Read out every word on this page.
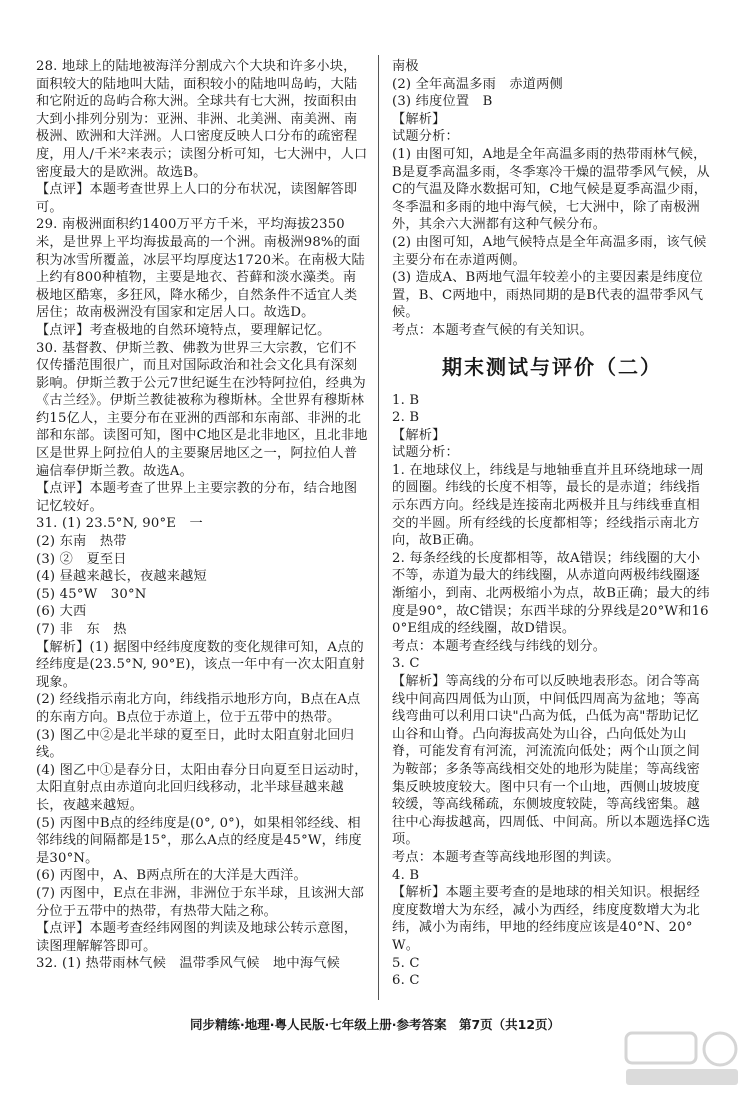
28. 地球上的陆地被海洋分割成六个大块和许多小块，面积较大的陆地叫大陆，面积较小的陆地叫岛屿，大陆和它附近的岛屿合称大洲。全球共有七大洲，按面积由大到小排列分别为：亚洲、非洲、北美洲、南美洲、南极洲、欧洲和大洋洲。人口密度反映人口分布的疏密程度，用人/千米²来表示；读图分析可知，七大洲中，人口密度最大的是欧洲。故选B。

【点评】本题考查世界上人口的分布状况，读图解答即可。

29. 南极洲面积约1400万平方千米，平均海拔2350米，是世界上平均海拔最高的一个洲。南极洲98%的面积为冰雪所覆盖，冰层平均厚度达1720米。在南极大陆上约有800种植物，主要是地衣、苔藓和淡水藻类。南极地区酷寒，多狂风，降水稀少，自然条件不适宜人类居住；故南极洲没有国家和定居人口。故选D。

【点评】考查极地的自然环境特点，要理解记忆。

30. 基督教、伊斯兰教、佛教为世界三大宗教，它们不仅传播范围很广，而且对国际政治和社会文化具有深刻影响。伊斯兰教于公元7世纪诞生在沙特阿拉伯，经典为《古兰经》。伊斯兰教徒被称为穆斯林。全世界有穆斯林约15亿人，主要分布在亚洲的西部和东南部、非洲的北部和东部。读图可知，图中C地区是北非地区，且北非地区是世界上阿拉伯人的主要聚居地区之一，阿拉伯人普遍信奉伊斯兰教。故选A。

【点评】本题考查了世界上主要宗教的分布，结合地图记忆较好。

31. (1) 23.5°N, 90°E　一

(2) 东南　热带

(3) ②　夏至日

(4) 昼越来越长，夜越来越短

(5) 45°W　30°N

(6) 大西

(7) 非　东　热

【解析】(1) 据图中经纬度度数的变化规律可知，A点的经纬度是(23.5°N, 90°E)，该点一年中有一次太阳直射现象。

(2) 经线指示南北方向，纬线指示地形方向，B点在A点的东南方向。B点位于赤道上，位于五带中的热带。

(3) 图乙中②是北半球的夏至日，此时太阳直射北回归线。

(4) 图乙中①是春分日，太阳由春分日向夏至日运动时，太阳直射点由赤道向北回归线移动，北半球昼越来越长，夜越来越短。

(5) 丙图中B点的经纬度是(0°, 0°)，如果相邻经线、相邻纬线的间隔都是15°，那么A点的经度是45°W，纬度是30°N。

(6) 丙图中，A、B两点所在的大洋是大西洋。

(7) 丙图中，E点在非洲，非洲位于东半球，且该洲大部分位于五带中的热带，有热带大陆之称。

【点评】本题考查经纬网图的判读及地球公转示意图，读图理解解答即可。

32. (1) 热带雨林气候　温带季风气候　地中海气候

南极

(2) 全年高温多雨　赤道两侧

(3) 纬度位置　B

【解析】

试题分析：

(1) 由图可知，A地是全年高温多雨的热带雨林气候，B是夏季高温多雨，冬季寒冷干燥的温带季风气候，从C的气温及降水数据可知，C地气候是夏季高温少雨，冬季温和多雨的地中海气候，七大洲中，除了南极洲外，其余六大洲都有这种气候分布。

(2) 由图可知，A地气候特点是全年高温多雨，该气候主要分布在赤道两侧。

(3) 造成A、B两地气温年较差小的主要因素是纬度位置，B、C两地中，雨热同期的是B代表的温带季风气候。

考点：本题考查气候的有关知识。

期末测试与评价（二）

1. B

2. B

【解析】

试题分析：

1. 在地球仪上，纬线是与地轴垂直并且环绕地球一周的圆圈。纬线的长度不相等，最长的是赤道；纬线指示东西方向。经线是连接南北两极并且与纬线垂直相交的半圆。所有经线的长度都相等；经线指示南北方向，故B正确。

2. 每条经线的长度都相等，故A错误；纬线圈的大小不等，赤道为最大的纬线圈，从赤道向两极纬线圈逐渐缩小，到南、北两极缩小为点，故B正确；最大的纬度是90°，故C错误；东西半球的分界线是20°W和160°E组成的经线圈，故D错误。

考点：本题考查经线与纬线的划分。

3. C

【解析】等高线的分布可以反映地表形态。闭合等高线中间高四周低为山顶，中间低四周高为盆地；等高线弯曲可以利用口诀"凸高为低，凸低为高"帮助记忆山谷和山脊。凸向海拔高处为山谷，凸向低处为山脊，可能发育有河流，河流流向低处；两个山顶之间为鞍部；多条等高线相交处的地形为陡崖；等高线密集反映坡度较大。图中只有一个山地，西侧山坡坡度较缓，等高线稀疏，东侧坡度较陡，等高线密集。越往中心海拔越高，四周低、中间高。所以本题选择C选项。

考点：本题考查等高线地形图的判读。

4. B

【解析】本题主要考查的是地球的相关知识。根据经度度数增大为东经，减小为西经，纬度度数增大为北纬，减小为南纬，甲地的经纬度应该是40°N、20°W。

5. C

6. C

同步精练·地理·粤人民版·七年级上册·参考答案　第7页（共12页）
